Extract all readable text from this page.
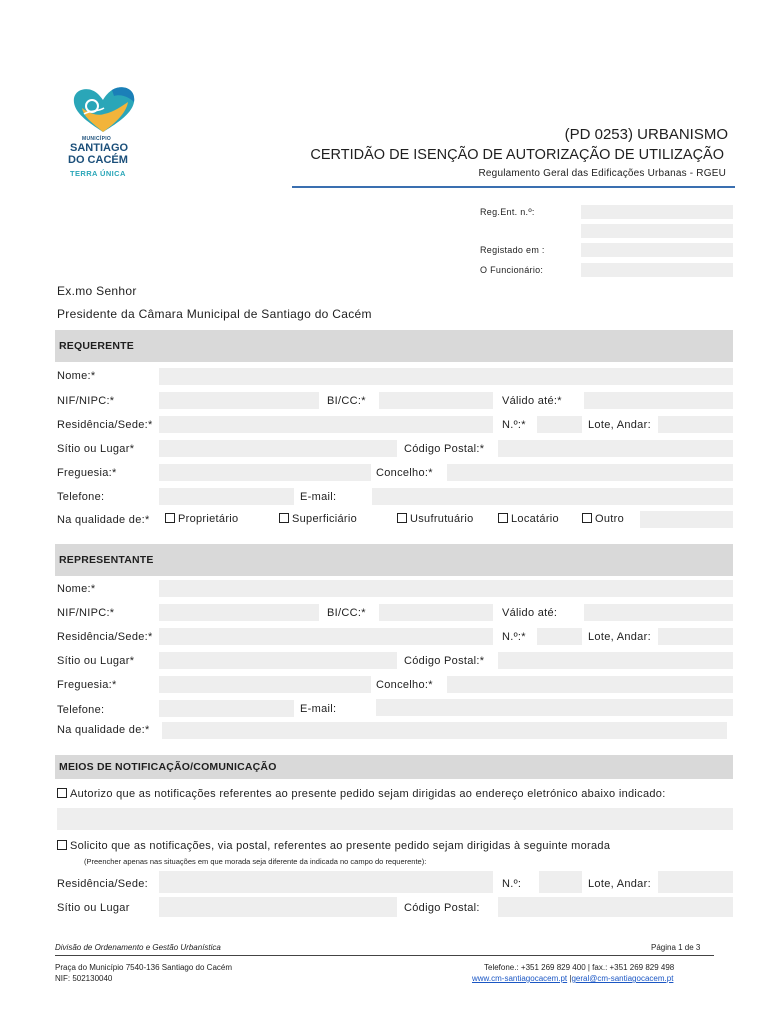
MUNICÍPIO
SANTIAGO
DO CACÉM
TERRA ÚNICA
(PD 0253) URBANISMO
CERTIDÃO DE ISENÇÃO DE AUTORIZAÇÃO DE UTILIZAÇÃO
Regulamento Geral das Edificações Urbanas - RGEU
Reg.Ent. n.º:
Registado em :
O Funcionário:
Ex.mo Senhor
Presidente da Câmara Municipal de Santiago do Cacém
REQUERENTE
Nome:*
NIF/NIPC:*	BI/CC:*	Válido até:*
Residência/Sede:*	N.º:*	Lote, Andar:
Sítio ou Lugar*	Código Postal:*
Freguesia:*	Concelho:*
Telefone:	E-mail:
Na qualidade de:*	Proprietário	Superficiário	Usufrutuário	Locatário	Outro
REPRESENTANTE
Nome:*
NIF/NIPC:*	BI/CC:*	Válido até:
Residência/Sede:*	N.º:*	Lote, Andar:
Sítio ou Lugar*	Código Postal:*
Freguesia:*	Concelho:*
Telefone:	E-mail:
Na qualidade de:*
MEIOS DE NOTIFICAÇÃO/COMUNICAÇÃO
Autorizo que as notificações referentes ao presente pedido sejam dirigidas ao endereço eletrónico abaixo indicado:
Solicito que as notificações, via postal, referentes ao presente pedido sejam dirigidas à seguinte morada
(Preencher apenas nas situações em que morada seja diferente da indicada no campo do requerente):
Residência/Sede:	N.º:	Lote, Andar:
Sítio ou Lugar	Código Postal:
Divisão de Ordenamento e Gestão Urbanística	Página 1 de 3
Praça do Município 7540-136 Santiago do Cacém
NIF: 502130040
Telefone.: +351 269 829 400 | fax.: +351 269 829 498
www.cm-santiagocacem.pt |geral@cm-santiagocacem.pt
